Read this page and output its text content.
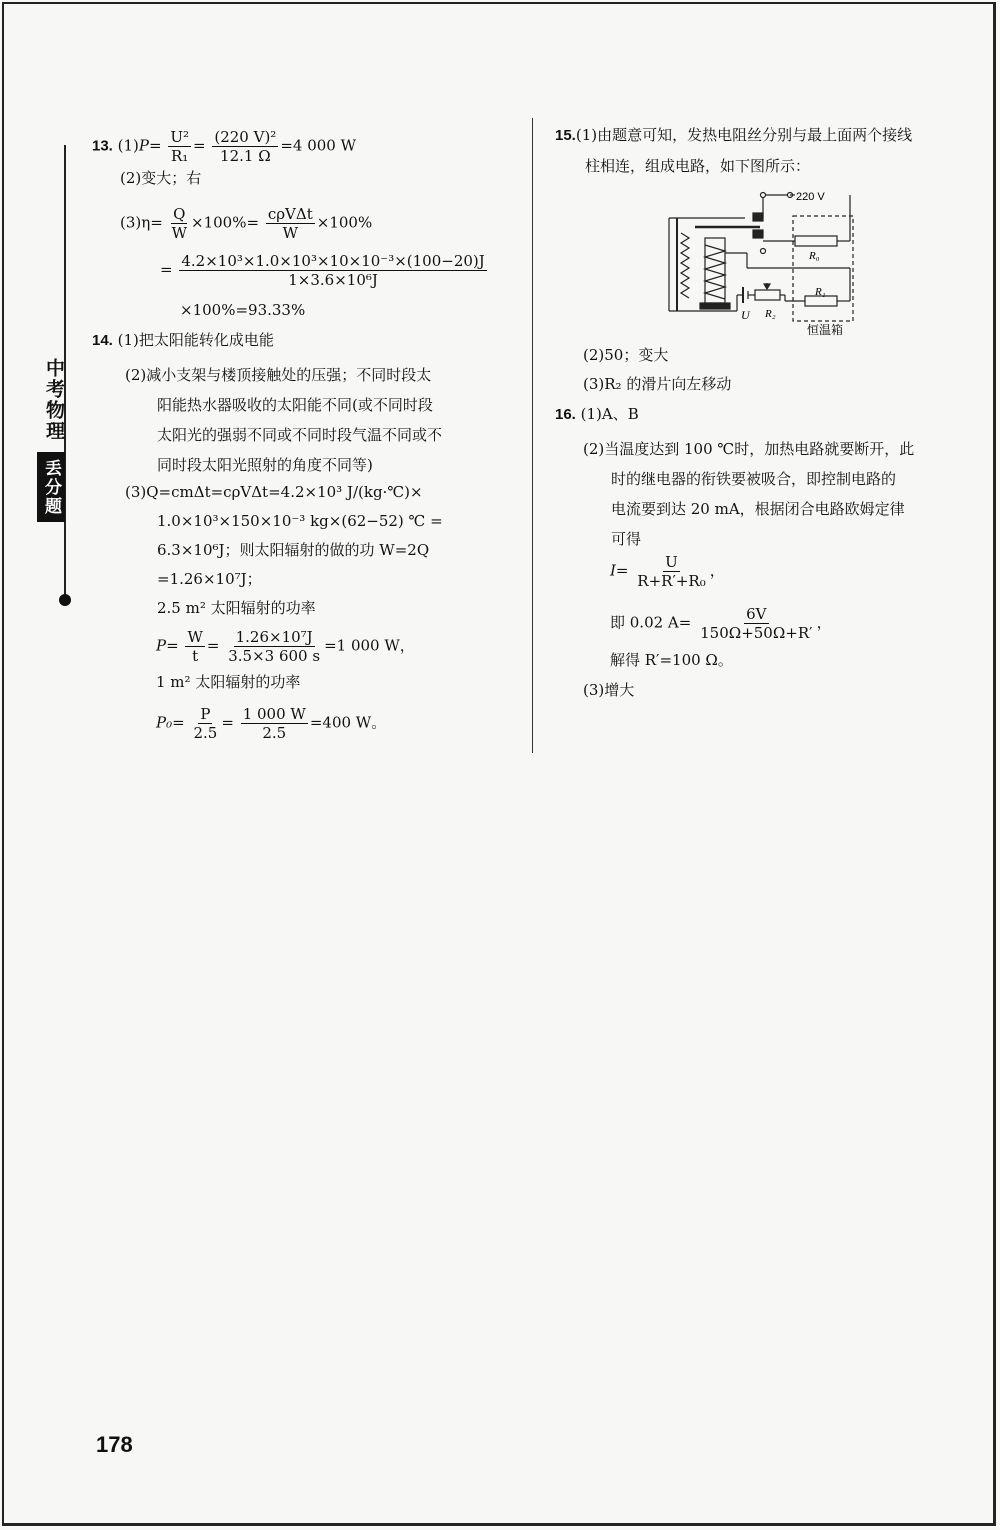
中考物理
丢分题
13. $(1)P= \frac{\text{U²}}{\text{R₁}} = \frac{\text{(220 V)²}}{12.1 \Omega} =4$ 000 W
(2)变大；右
$(3)\eta= \frac{Q}{W} \times 100\%= \frac{\text{cρVΔt}}{W} \times 100\%$
= $\frac{\text{4.2×10³×1.0×10³×10×10⁻³×(100−20)J}}{\text{1×3.6×10⁶J}}$
×100%=93.33%
14. (1)把太阳能转化成电能
(2)减小支架与楼顶接触处的压强；不同时段太
阳能热水器吸收的太阳能不同(或不同时段
太阳光的强弱不同或不同时段气温不同或不
同时段太阳光照射的角度不同等)
(3)Q=cmΔt=cρVΔt=4.2×10³ J/(kg·℃)×
1.0×10³×150×10⁻³ kg×(62−52) ℃ =
6.3×10⁶J；则太阳辐射的做的功 W=2Q
=1.26×10⁷J；
2.5 m² 太阳辐射的功率
$P= \frac{W}{t} = \frac{\text{1.26×10⁷J}}{3.5\times 3 600 s} =1$ 000 W，
1 m² 太阳辐射的功率
$P_0= \frac{P}{2.5} = \frac{1 000 W}{2.5} =400$ W。
15.(1)由题意可知，发热电阻丝分别与最上面两个接线
柱相连，组成电路，如下图所示：
220 V
R₀
R₁
R₂
U
恒温箱
(2)50；变大
(3)R₂ 的滑片向左移动
16. (1)A、B
(2)当温度达到 100 ℃时，加热电路就要断开，此
时的继电器的衔铁要被吸合，即控制电路的
电流要到达 20 mA，根据闭合电路欧姆定律
可得
$I= \frac{U}{\text{R+R′+R₀}}$ ，
即 0.02 $A= \frac{6V}{150\Omega+50\Omega+R'}$ ，
解得 R′=100 Ω。
(3)增大
178
